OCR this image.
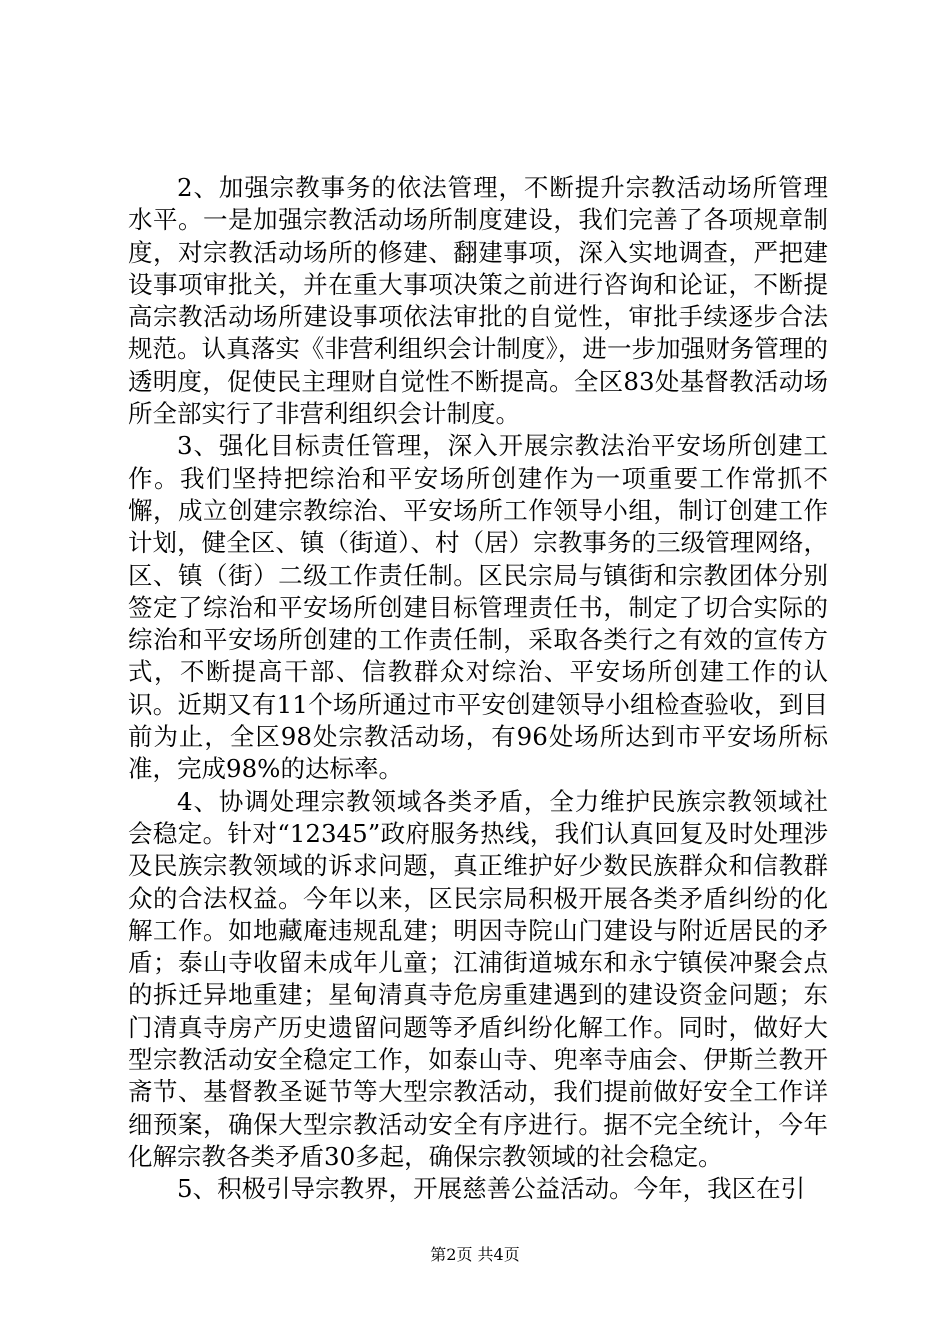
2、加强宗教事务的依法管理，不断提升宗教活动场所管理水平。一是加强宗教活动场所制度建设，我们完善了各项规章制度，对宗教活动场所的修建、翻建事项，深入实地调查，严把建设事项审批关，并在重大事项决策之前进行咨询和论证，不断提高宗教活动场所建设事项依法审批的自觉性，审批手续逐步合法规范。认真落实《非营利组织会计制度》，进一步加强财务管理的透明度，促使民主理财自觉性不断提高。全区83处基督教活动场所全部实行了非营利组织会计制度。

3、强化目标责任管理，深入开展宗教法治平安场所创建工作。我们坚持把综治和平安场所创建作为一项重要工作常抓不懈，成立创建宗教综治、平安场所工作领导小组，制订创建工作计划，健全区、镇（街道）、村（居）宗教事务的三级管理网络，区、镇（街）二级工作责任制。区民宗局与镇街和宗教团体分别签定了综治和平安场所创建目标管理责任书，制定了切合实际的综治和平安场所创建的工作责任制，采取各类行之有效的宣传方式，不断提高干部、信教群众对综治、平安场所创建工作的认识。近期又有11个场所通过市平安创建领导小组检查验收，到目前为止，全区98处宗教活动场，有96处场所达到市平安场所标准，完成98%的达标率。

4、协调处理宗教领域各类矛盾，全力维护民族宗教领域社会稳定。针对“12345”政府服务热线，我们认真回复及时处理涉及民族宗教领域的诉求问题，真正维护好少数民族群众和信教群众的合法权益。今年以来，区民宗局积极开展各类矛盾纠纷的化解工作。如地藏庵违规乱建；明因寺院山门建设与附近居民的矛盾；泰山寺收留未成年儿童；江浦街道城东和永宁镇侯冲聚会点的拆迁异地重建；星甸清真寺危房重建遇到的建设资金问题；东门清真寺房产历史遗留问题等矛盾纠纷化解工作。同时，做好大型宗教活动安全稳定工作，如泰山寺、兜率寺庙会、伊斯兰教开斋节、基督教圣诞节等大型宗教活动，我们提前做好安全工作详细预案，确保大型宗教活动安全有序进行。据不完全统计，今年化解宗教各类矛盾30多起，确保宗教领域的社会稳定。

5、积极引导宗教界，开展慈善公益活动。今年，我区在引

第2页 共4页
